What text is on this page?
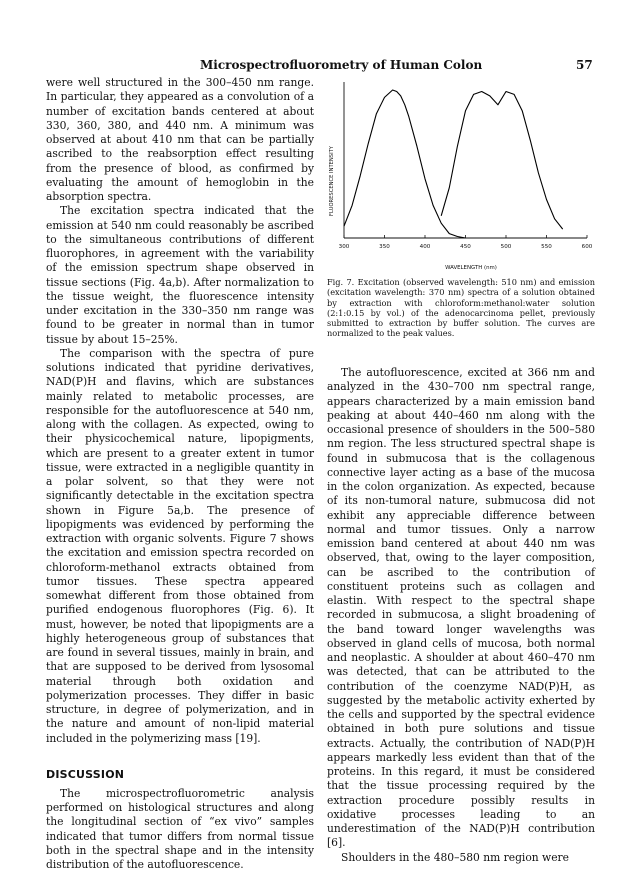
Microspectrofluorometry of Human Colon	57

were well structured in the 300–450 nm range. In particular, they appeared as a convolution of a number of excitation bands centered at about 330, 360, 380, and 440 nm. A minimum was observed at about 410 nm that can be partially ascribed to the reabsorption effect resulting from the presence of blood, as confirmed by evaluating the amount of hemoglobin in the absorption spectra.

The excitation spectra indicated that the emission at 540 nm could reasonably be ascribed to the simultaneous contributions of different fluorophores, in agreement with the variability of the emission spectrum shape observed in tissue sections (Fig. 4a,b). After normalization to the tissue weight, the fluorescence intensity under excitation in the 330–350 nm range was found to be greater in normal than in tumor tissue by about 15–25%.

The comparison with the spectra of pure solutions indicated that pyridine derivatives, NAD(P)H and flavins, which are substances mainly related to metabolic processes, are responsible for the autofluorescence at 540 nm, along with the collagen. As expected, owing to their physicochemical nature, lipopigments, which are present to a greater extent in tumor tissue, were extracted in a negligible quantity in a polar solvent, so that they were not significantly detectable in the excitation spectra shown in Figure 5a,b. The presence of lipopigments was evidenced by performing the extraction with organic solvents. Figure 7 shows the excitation and emission spectra recorded on chloroform-methanol extracts obtained from tumor tissues. These spectra appeared somewhat different from those obtained from purified endogenous fluorophores (Fig. 6). It must, however, be noted that lipopigments are a highly heterogeneous group of substances that are found in several tissues, mainly in brain, and that are supposed to be derived from lysosomal material through both oxidation and polymerization processes. They differ in basic structure, in degree of polymerization, and in the nature and amount of non-lipid material included in the polymerizing mass [19].

DISCUSSION

The microspectrofluorometric analysis performed on histological structures and along the longitudinal section of “ex vivo” samples indicated that tumor differs from normal tissue both in the spectral shape and in the intensity distribution of the autofluorescence.

FLUORESCENCE INTENSITY
WAVELENGTH (nm)
300	350	400	450	500	550	600
Fig. 7. Excitation (observed wavelength: 510 nm) and emission (excitation wavelength: 370 nm) spectra of a solution obtained by extraction with chloroform:methanol:water solution (2:1:0.15 by vol.) of the adenocarcinoma pellet, previously submitted to extraction by buffer solution. The curves are normalized to the peak values.

The autofluorescence, excited at 366 nm and analyzed in the 430–700 nm spectral range, appears characterized by a main emission band peaking at about 440–460 nm along with the occasional presence of shoulders in the 500–580 nm region. The less structured spectral shape is found in submucosa that is the collagenous connective layer acting as a base of the mucosa in the colon organization. As expected, because of its non-tumoral nature, submucosa did not exhibit any appreciable difference between normal and tumor tissues. Only a narrow emission band centered at about 440 nm was observed, that, owing to the layer composition, can be ascribed to the contribution of constituent proteins such as collagen and elastin. With respect to the spectral shape recorded in submucosa, a slight broadening of the band toward longer wavelengths was observed in gland cells of mucosa, both normal and neoplastic. A shoulder at about 460–470 nm was detected, that can be attributed to the contribution of the coenzyme NAD(P)H, as suggested by the metabolic activity exherted by the cells and supported by the spectral evidence obtained in both pure solutions and tissue extracts. Actually, the contribution of NAD(P)H appears markedly less evident than that of the proteins. In this regard, it must be considered that the tissue processing required by the extraction procedure possibly results in oxidative processes leading to an underestimation of the NAD(P)H contribution [6].

Shoulders in the 480–580 nm region were
